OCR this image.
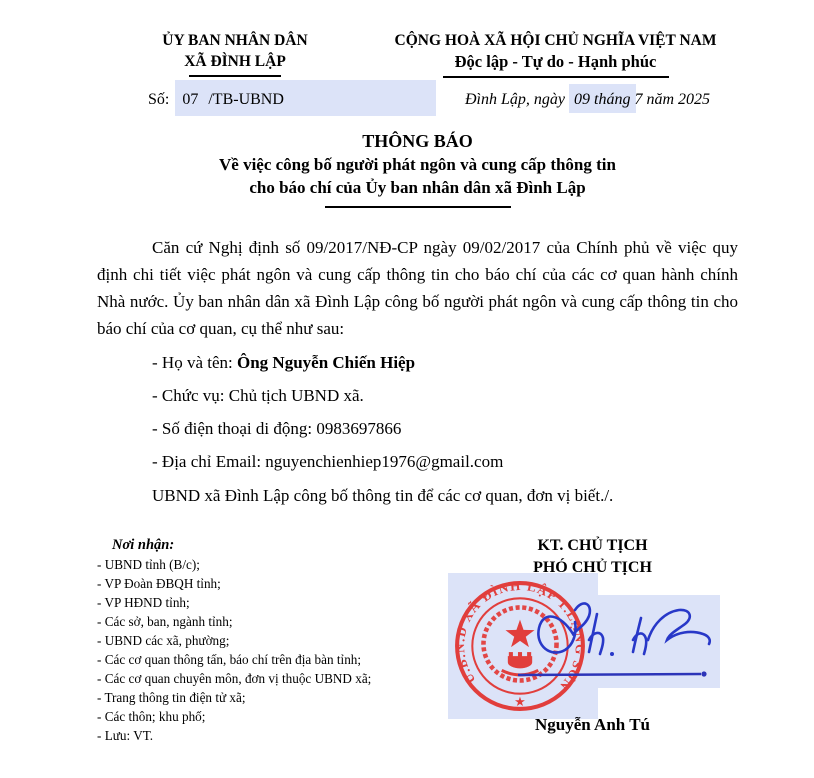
ỦY BAN NHÂN DÂN
XÃ ĐÌNH LẬP
CỘNG HOÀ XÃ HỘI CHỦ NGHĨA VIỆT NAM
Độc lập - Tự do - Hạnh phúc
Số: 07 /TB-UBND	Đình Lập, ngày 09 tháng 7 năm 2025
THÔNG BÁO
Về việc công bố người phát ngôn và cung cấp thông tin
cho báo chí của Ủy ban nhân dân xã Đình Lập

Căn cứ Nghị định số 09/2017/NĐ-CP ngày 09/02/2017 của Chính phủ về việc quy định chi tiết việc phát ngôn và cung cấp thông tin cho báo chí của các cơ quan hành chính Nhà nước. Ủy ban nhân dân xã Đình Lập công bố người phát ngôn và cung cấp thông tin cho báo chí của cơ quan, cụ thể như sau:

- Họ và tên: Ông Nguyễn Chiến Hiệp

- Chức vụ: Chủ tịch UBND xã.

- Số điện thoại di động: 0983697866

- Địa chỉ Email: nguyenchienhiep1976@gmail.com

UBND xã Đình Lập công bố thông tin để các cơ quan, đơn vị biết./.

Nơi nhận:
- UBND tỉnh (B/c);
- VP Đoàn ĐBQH tỉnh;
- VP HĐND tỉnh;
- Các sở, ban, ngành tỉnh;
- UBND các xã, phường;
- Các cơ quan thông tấn, báo chí trên địa bàn tỉnh;
- Các cơ quan chuyên môn, đơn vị thuộc UBND xã;
- Trang thông tin điện tử xã;
- Các thôn; khu phố;
- Lưu: VT.
KT. CHỦ TỊCH
PHÓ CHỦ TỊCH
U.B.N.D XÃ ĐÌNH LẬP T.LẠNG SƠN
★
Nguyễn Anh Tú
